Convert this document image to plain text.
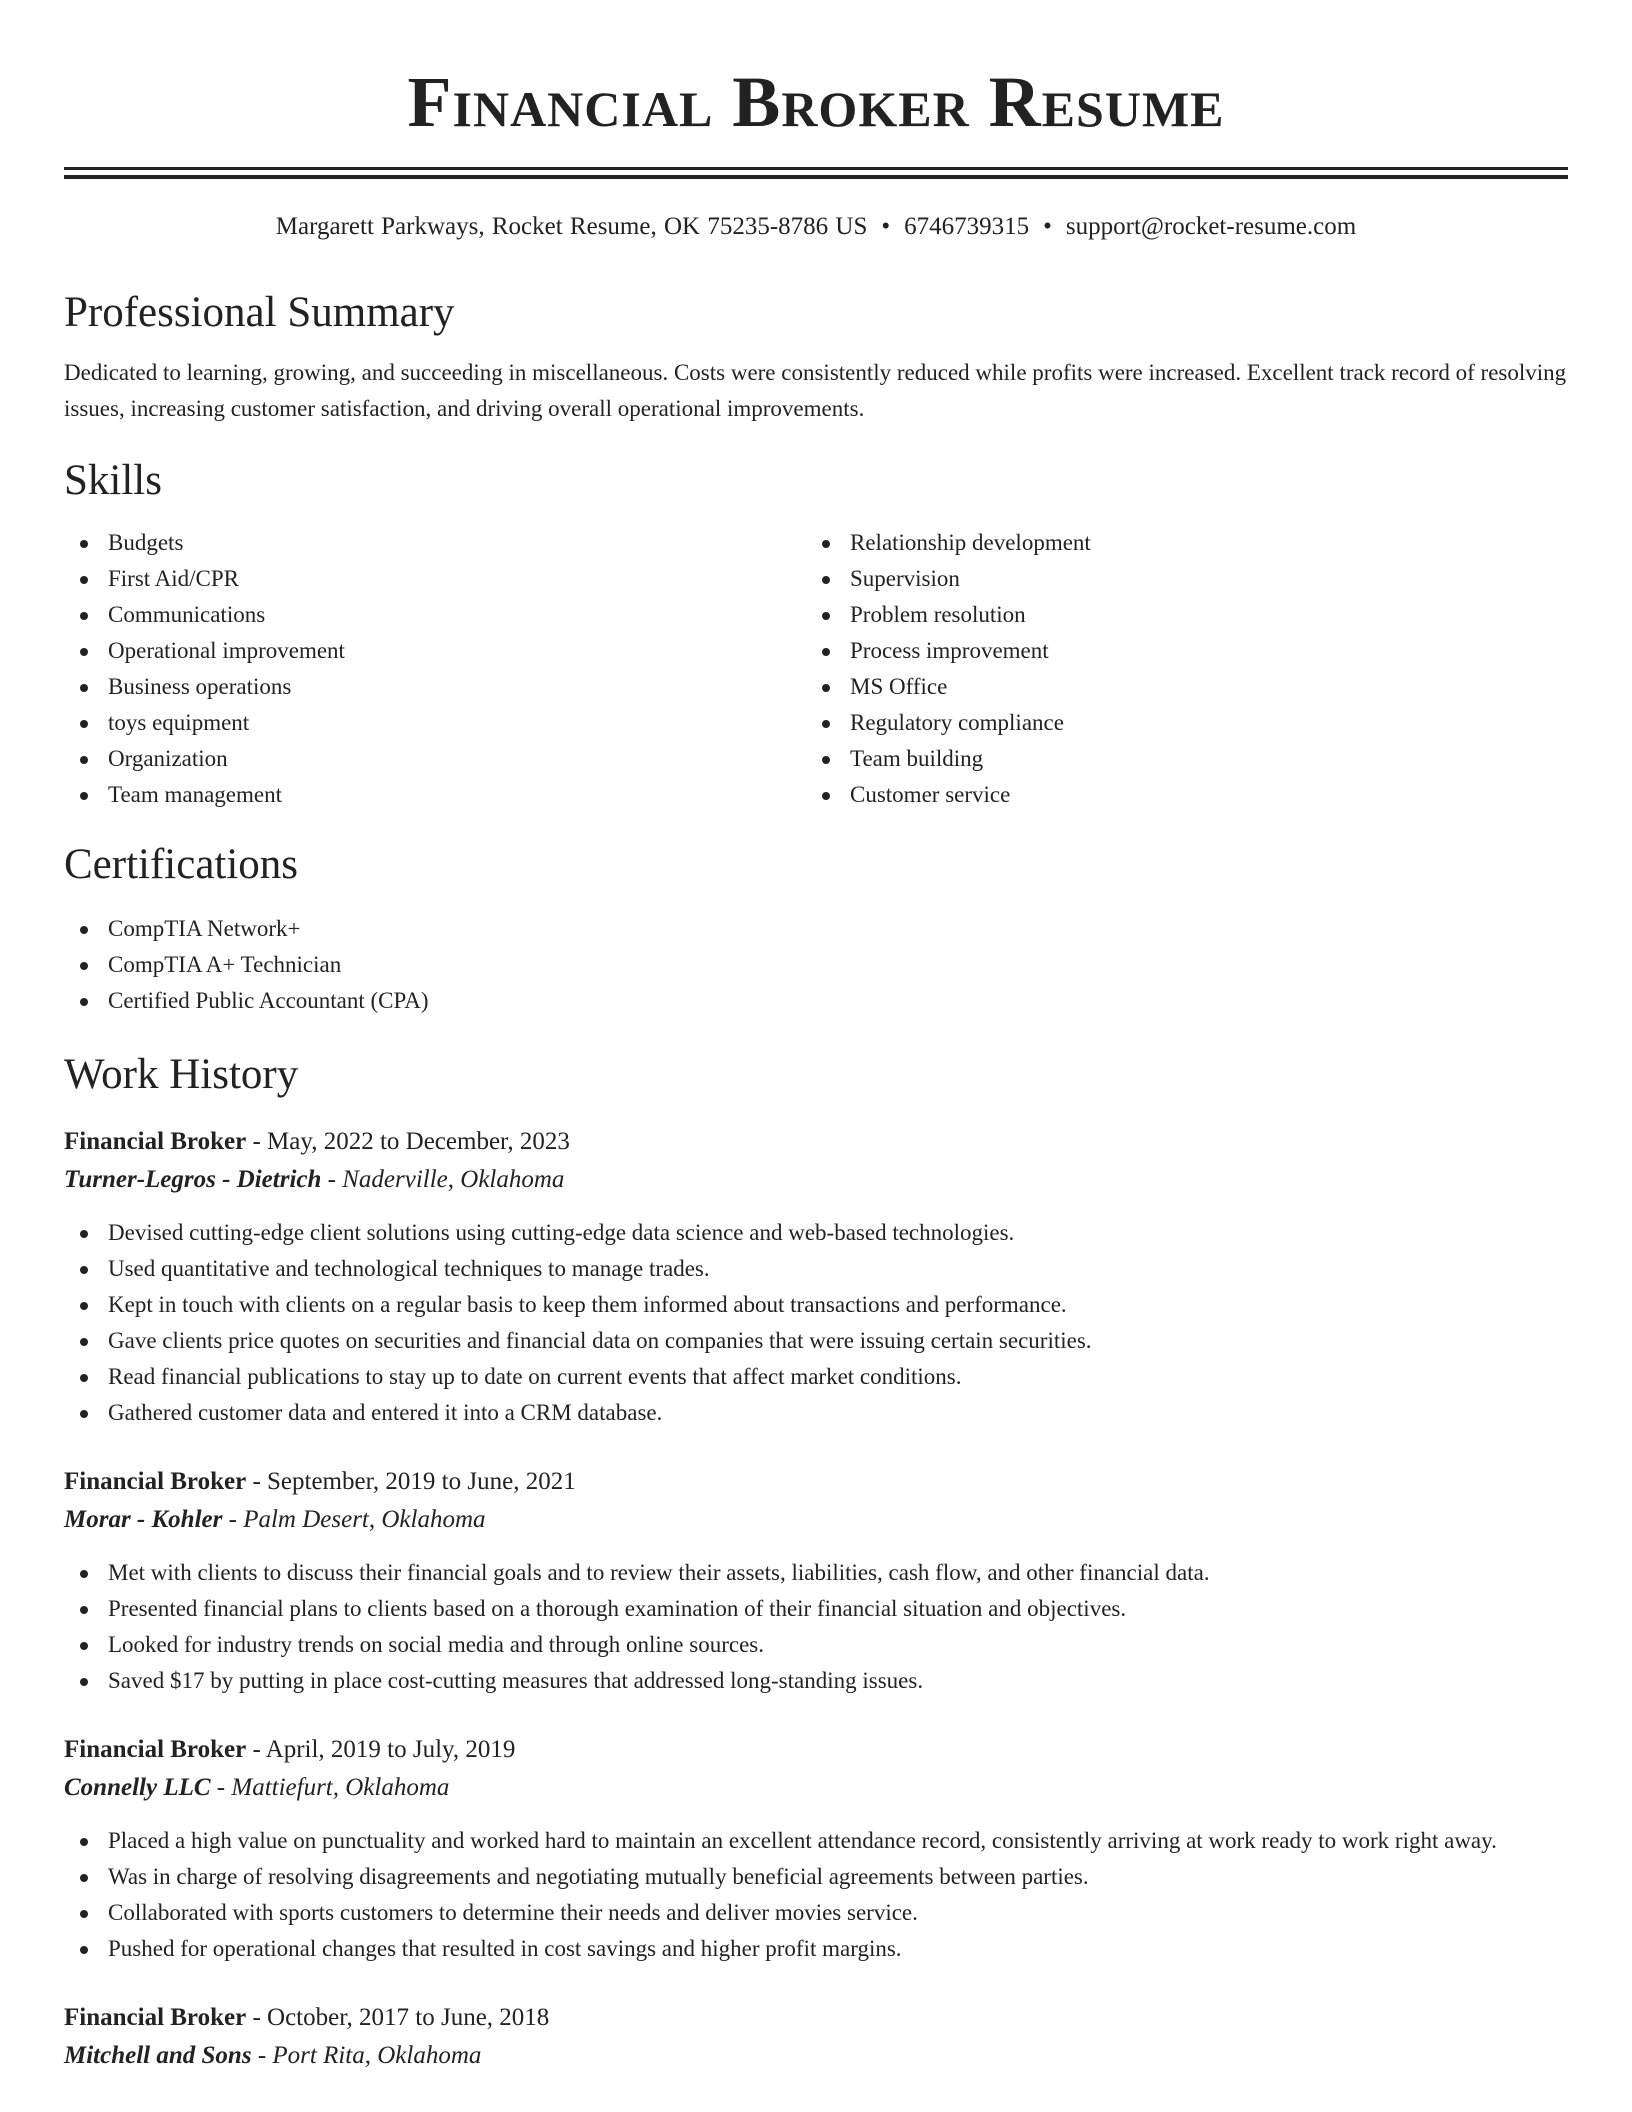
Financial Broker Resume
Margarett Parkways, Rocket Resume, OK 75235-8786 US • 6746739315 • support@rocket-resume.com
Professional Summary
Dedicated to learning, growing, and succeeding in miscellaneous. Costs were consistently reduced while profits were increased. Excellent track record of resolving issues, increasing customer satisfaction, and driving overall operational improvements.
Skills
Budgets
First Aid/CPR
Communications
Operational improvement
Business operations
toys equipment
Organization
Team management
Relationship development
Supervision
Problem resolution
Process improvement
MS Office
Regulatory compliance
Team building
Customer service
Certifications
CompTIA Network+
CompTIA A+ Technician
Certified Public Accountant (CPA)
Work History
Financial Broker - May, 2022 to December, 2023
Turner-Legros - Dietrich - Naderville, Oklahoma
Devised cutting-edge client solutions using cutting-edge data science and web-based technologies.
Used quantitative and technological techniques to manage trades.
Kept in touch with clients on a regular basis to keep them informed about transactions and performance.
Gave clients price quotes on securities and financial data on companies that were issuing certain securities.
Read financial publications to stay up to date on current events that affect market conditions.
Gathered customer data and entered it into a CRM database.
Financial Broker - September, 2019 to June, 2021
Morar - Kohler - Palm Desert, Oklahoma
Met with clients to discuss their financial goals and to review their assets, liabilities, cash flow, and other financial data.
Presented financial plans to clients based on a thorough examination of their financial situation and objectives.
Looked for industry trends on social media and through online sources.
Saved $17 by putting in place cost-cutting measures that addressed long-standing issues.
Financial Broker - April, 2019 to July, 2019
Connelly LLC - Mattiefurt, Oklahoma
Placed a high value on punctuality and worked hard to maintain an excellent attendance record, consistently arriving at work ready to work right away.
Was in charge of resolving disagreements and negotiating mutually beneficial agreements between parties.
Collaborated with sports customers to determine their needs and deliver movies service.
Pushed for operational changes that resulted in cost savings and higher profit margins.
Financial Broker - October, 2017 to June, 2018
Mitchell and Sons - Port Rita, Oklahoma
